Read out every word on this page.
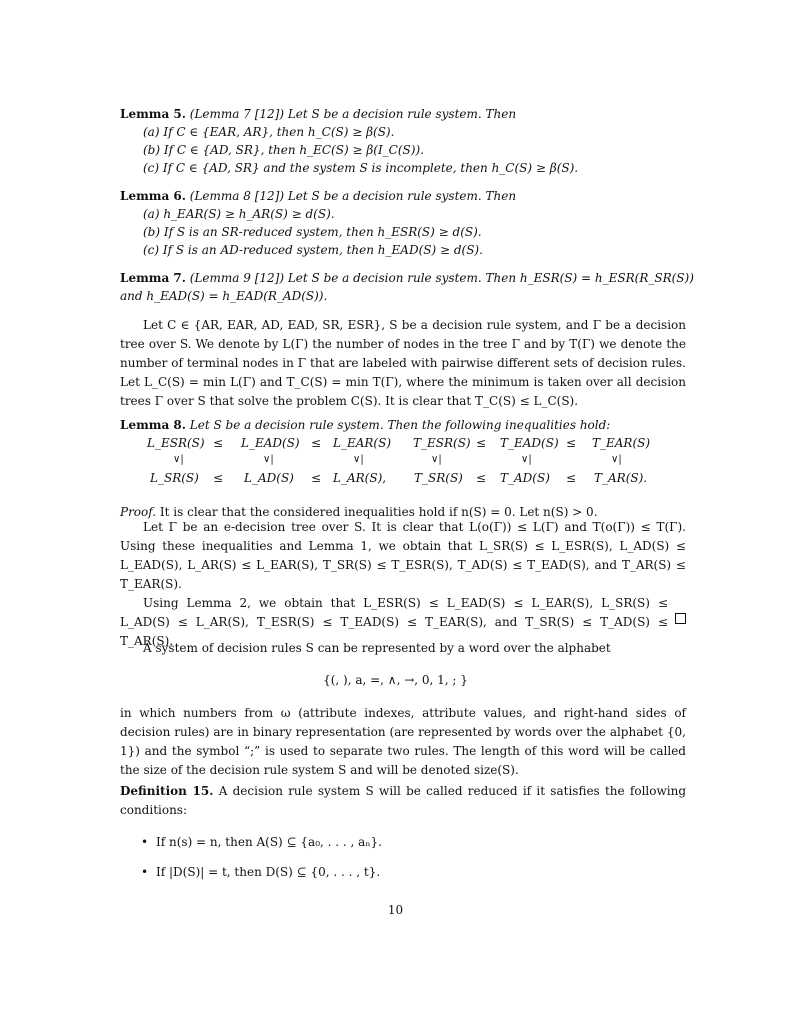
Lemma 5. (Lemma 7 [12]) Let S be a decision rule system. Then
(a) If C ∈ {EAR, AR}, then h_C(S) ≥ β(S).
(b) If C ∈ {AD, SR}, then h_EC(S) ≥ β(I_C(S)).
(c) If C ∈ {AD, SR} and the system S is incomplete, then h_C(S) ≥ β(S).
Lemma 6. (Lemma 8 [12]) Let S be a decision rule system. Then
(a) h_EAR(S) ≥ h_AR(S) ≥ d(S).
(b) If S is an SR-reduced system, then h_ESR(S) ≥ d(S).
(c) If S is an AD-reduced system, then h_EAD(S) ≥ d(S).
Lemma 7. (Lemma 9 [12]) Let S be a decision rule system. Then h_ESR(S) = h_ESR(R_SR(S))
and h_EAD(S) = h_EAD(R_AD(S)).
Let C ∈ {AR, EAR, AD, EAD, SR, ESR}, S be a decision rule system, and Γ be a decision tree over S. We denote by L(Γ) the number of nodes in the tree Γ and by T(Γ) we denote the number of terminal nodes in Γ that are labeled with pairwise different sets of decision rules. Let L_C(S) = min L(Γ) and T_C(S) = min T(Γ), where the minimum is taken over all decision trees Γ over S that solve the problem C(S). It is clear that T_C(S) ≤ L_C(S).
Lemma 8. Let S be a decision rule system. Then the following inequalities hold:
L_ESR(S) ≤ L_EAD(S) ≤ L_EAR(S) T_ESR(S) ≤ T_EAD(S) ≤ T_EAR(S)
∨|	∨|	∨|	∨|	∨|	∨|
L_SR(S) ≤ L_AD(S) ≤ L_AR(S), T_SR(S) ≤ T_AD(S) ≤ T_AR(S).
Proof. It is clear that the considered inequalities hold if n(S) = 0. Let n(S) > 0.
Let Γ be an e-decision tree over S. It is clear that L(o(Γ)) ≤ L(Γ) and T(o(Γ)) ≤ T(Γ). Using these inequalities and Lemma 1, we obtain that L_SR(S) ≤ L_ESR(S), L_AD(S) ≤ L_EAD(S), L_AR(S) ≤ L_EAR(S), T_SR(S) ≤ T_ESR(S), T_AD(S) ≤ T_EAD(S), and T_AR(S) ≤ T_EAR(S).
Using Lemma 2, we obtain that L_ESR(S) ≤ L_EAD(S) ≤ L_EAR(S), L_SR(S) ≤ L_AD(S) ≤ L_AR(S), T_ESR(S) ≤ T_EAD(S) ≤ T_EAR(S), and T_SR(S) ≤ T_AD(S) ≤ T_AR(S).
A system of decision rules S can be represented by a word over the alphabet
{(, ), a, =, ∧, →, 0, 1, ; }
in which numbers from ω (attribute indexes, attribute values, and right-hand sides of decision rules) are in binary representation (are represented by words over the alphabet {0, 1}) and the symbol “;” is used to separate two rules. The length of this word will be called the size of the decision rule system S and will be denoted size(S).
Definition 15. A decision rule system S will be called reduced if it satisfies the following conditions:
• If n(s) = n, then A(S) ⊆ {a₀, . . . , aₙ}.
• If |D(S)| = t, then D(S) ⊆ {0, . . . , t}.
10
